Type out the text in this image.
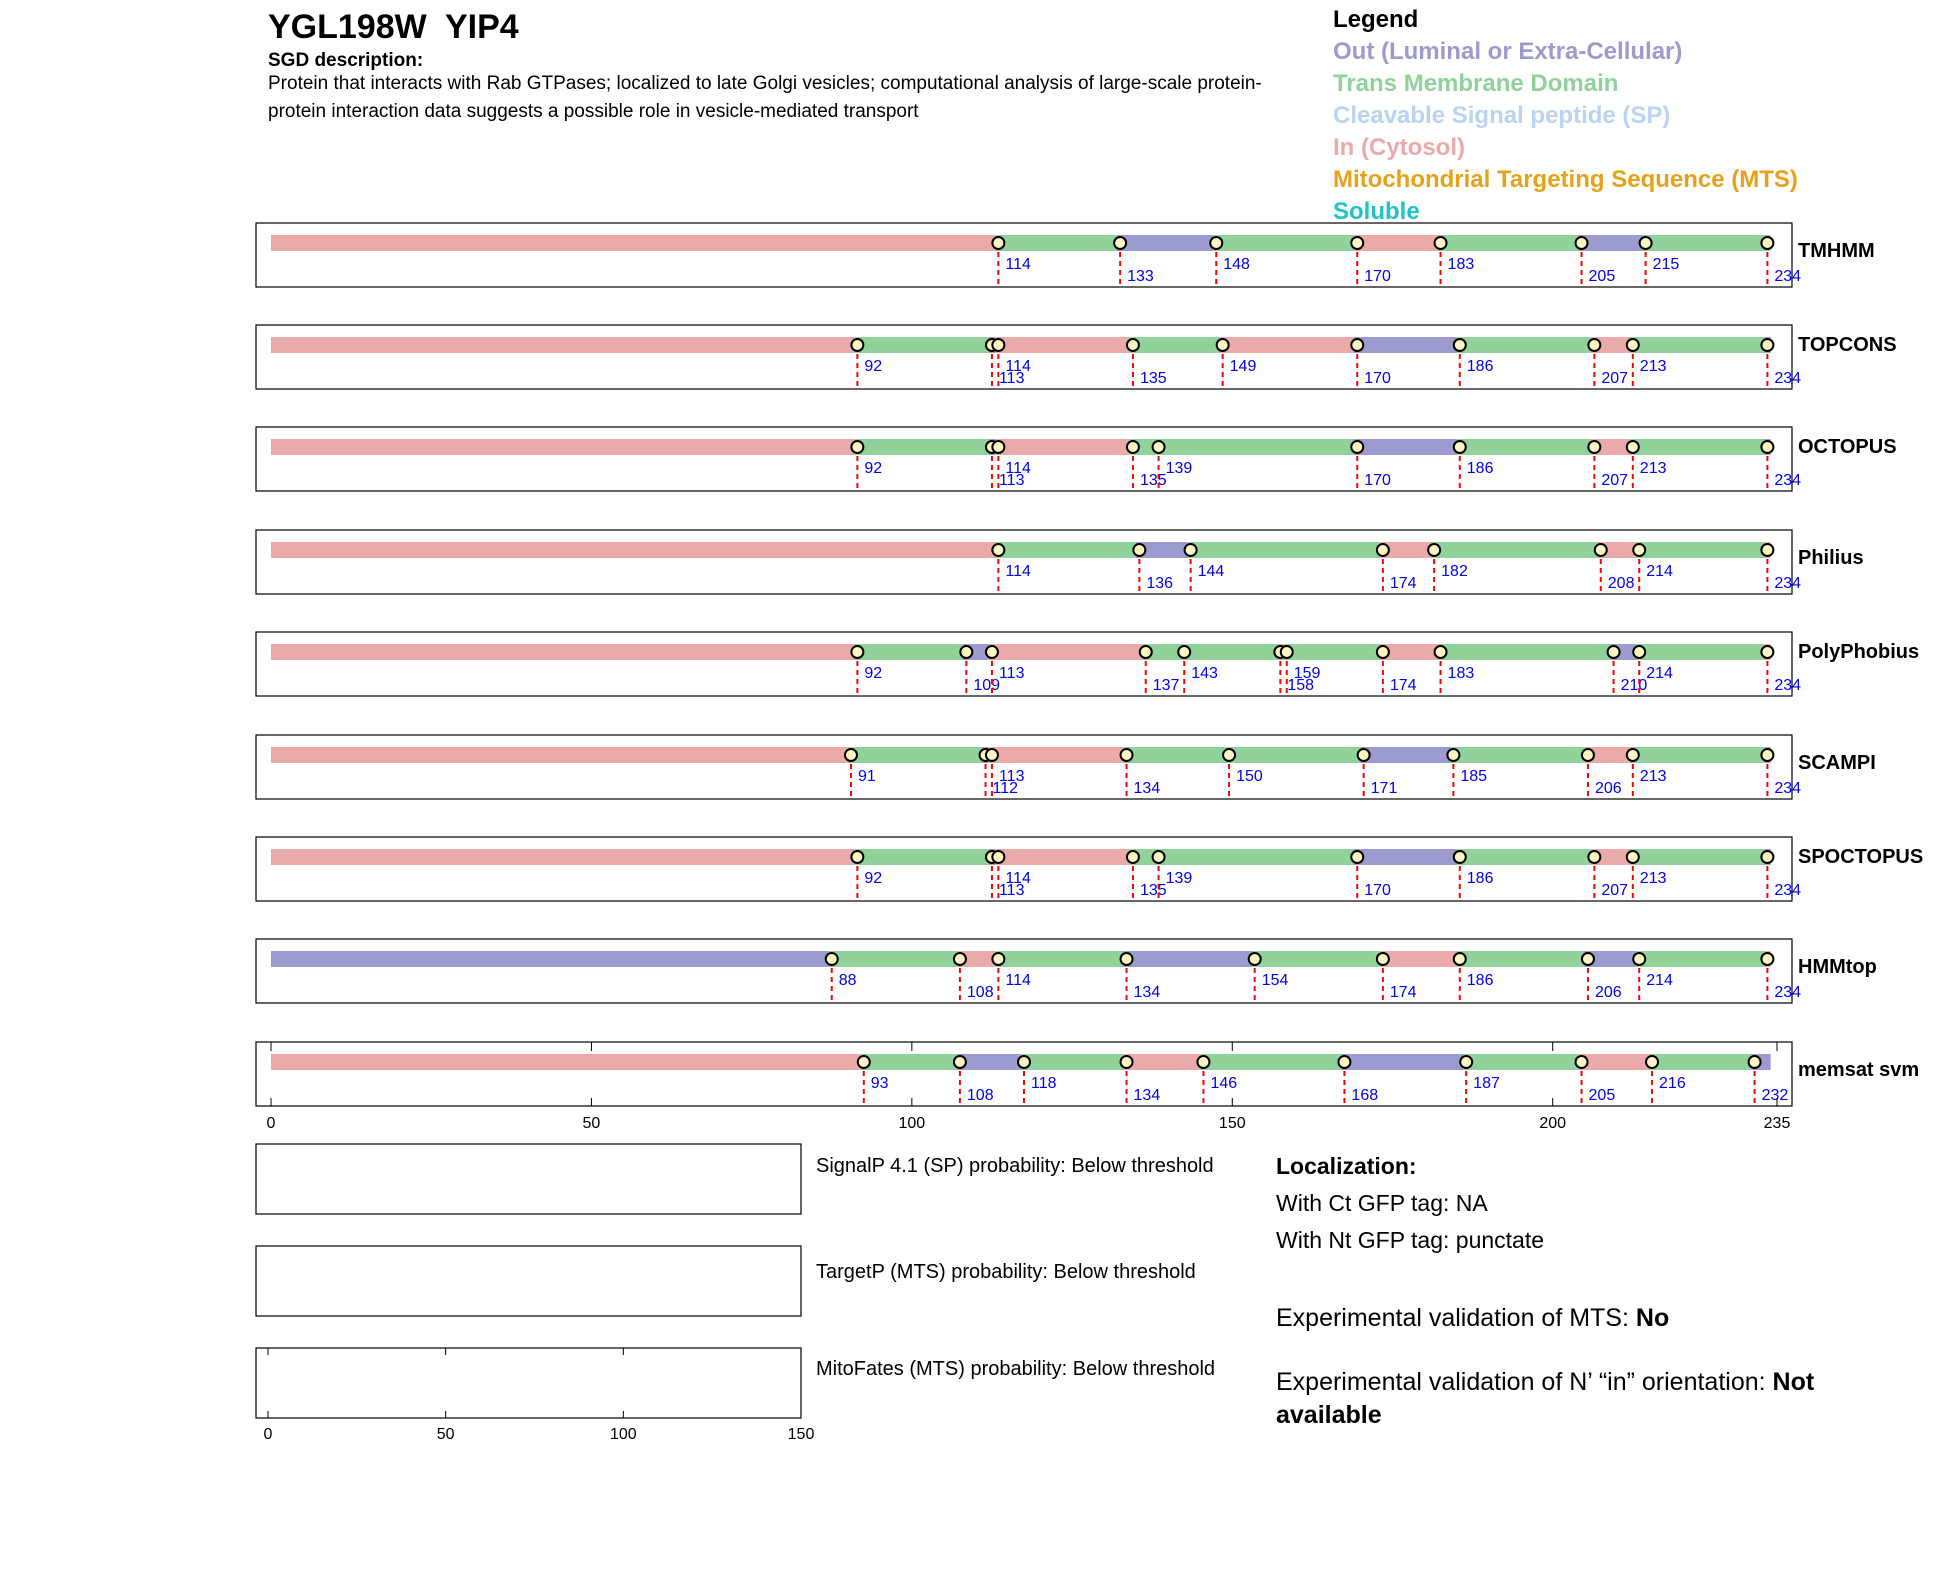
YGL198W  YIP4
SGD description:
Protein that interacts with Rab GTPases; localized to late Golgi vesicles; computational analysis of large-scale protein-protein interaction data suggests a possible role in vesicle-mediated transport
Legend
Out (Luminal or Extra-Cellular)
Trans Membrane Domain
Cleavable Signal peptide (SP)
In (Cytosol)
Mitochondrial Targeting Sequence (MTS)
Soluble
114
133
148
170
183
205
215
234
TMHMM
92
113
114
135
149
170
186
207
213
234
TOPCONS
92
113
114
135
139
170
186
207
213
234
OCTOPUS
114
136
144
174
182
208
214
234
Philius
92
109
113
137
143
158
159
174
183
210
214
234
PolyPhobius
91
112
113
134
150
171
185
206
213
234
SCAMPI
92
113
114
135
139
170
186
207
213
234
SPOCTOPUS
88
108
114
134
154
174
186
206
214
234
HMMtop
93
108
118
134
146
168
187
205
216
232
memsat svm
0	50	100	150	200	235
0	50	100	150
SignalP 4.1 (SP) probability: Below threshold
TargetP (MTS) probability: Below threshold
MitoFates (MTS) probability: Below threshold
Localization:
With Ct GFP tag: NA
With Nt GFP tag: punctate
Experimental validation of MTS: No
Experimental validation of N’ “in” orientation: Not available
